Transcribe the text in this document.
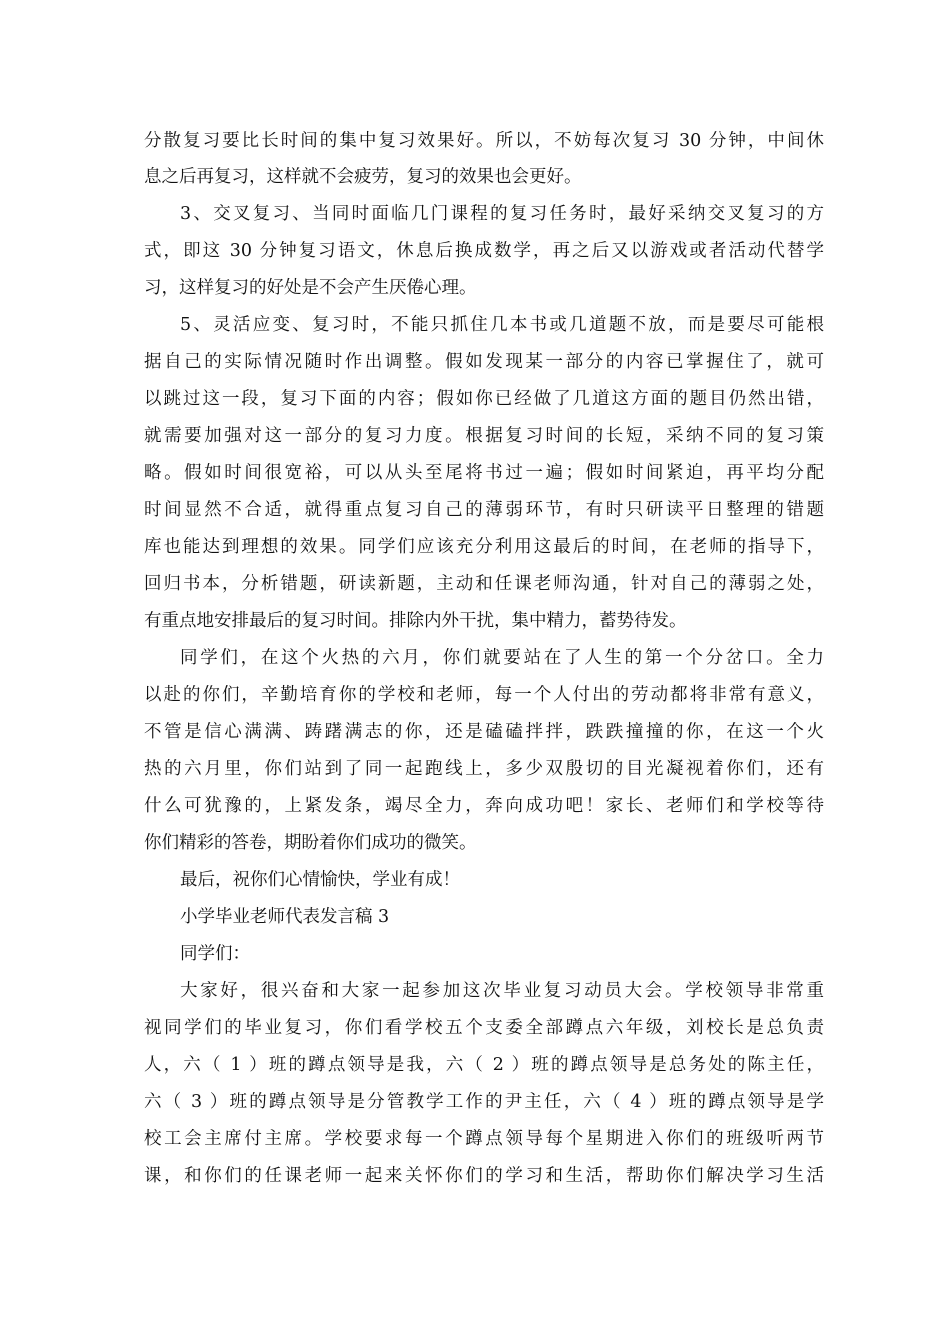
分散复习要比长时间的集中复习效果好。所以，不妨每次复习 30 分钟，中间休
息之后再复习，这样就不会疲劳，复习的效果也会更好。
3、交叉复习、当同时面临几门课程的复习任务时，最好采纳交叉复习的方
式，即这 30 分钟复习语文，休息后换成数学，再之后又以游戏或者活动代替学
习，这样复习的好处是不会产生厌倦心理。
5、灵活应变、复习时，不能只抓住几本书或几道题不放，而是要尽可能根
据自己的实际情况随时作出调整。假如发现某一部分的内容已掌握住了，就可
以跳过这一段，复习下面的内容；假如你已经做了几道这方面的题目仍然出错，
就需要加强对这一部分的复习力度。根据复习时间的长短，采纳不同的复习策
略。假如时间很宽裕，可以从头至尾将书过一遍；假如时间紧迫，再平均分配
时间显然不合适，就得重点复习自己的薄弱环节，有时只研读平日整理的错题
库也能达到理想的效果。同学们应该充分利用这最后的时间，在老师的指导下，
回归书本，分析错题，研读新题，主动和任课老师沟通，针对自己的薄弱之处，
有重点地安排最后的复习时间。排除内外干扰，集中精力，蓄势待发。
同学们，在这个火热的六月，你们就要站在了人生的第一个分岔口。全力
以赴的你们，辛勤培育你的学校和老师，每一个人付出的劳动都将非常有意义，
不管是信心满满、踌躇满志的你，还是磕磕拌拌，跌跌撞撞的你，在这一个火
热的六月里，你们站到了同一起跑线上，多少双殷切的目光凝视着你们，还有
什么可犹豫的，上紧发条，竭尽全力，奔向成功吧！家长、老师们和学校等待
你们精彩的答卷，期盼着你们成功的微笑。
最后，祝你们心情愉快，学业有成！
小学毕业老师代表发言稿 3
同学们：
大家好，很兴奋和大家一起参加这次毕业复习动员大会。学校领导非常重
视同学们的毕业复习，你们看学校五个支委全部蹲点六年级，刘校长是总负责
人，六（ 1 ）班的蹲点领导是我，六（ 2 ）班的蹲点领导是总务处的陈主任，
六（ 3 ）班的蹲点领导是分管教学工作的尹主任，六（ 4 ）班的蹲点领导是学
校工会主席付主席。学校要求每一个蹲点领导每个星期进入你们的班级听两节
课，和你们的任课老师一起来关怀你们的学习和生活，帮助你们解决学习生活
